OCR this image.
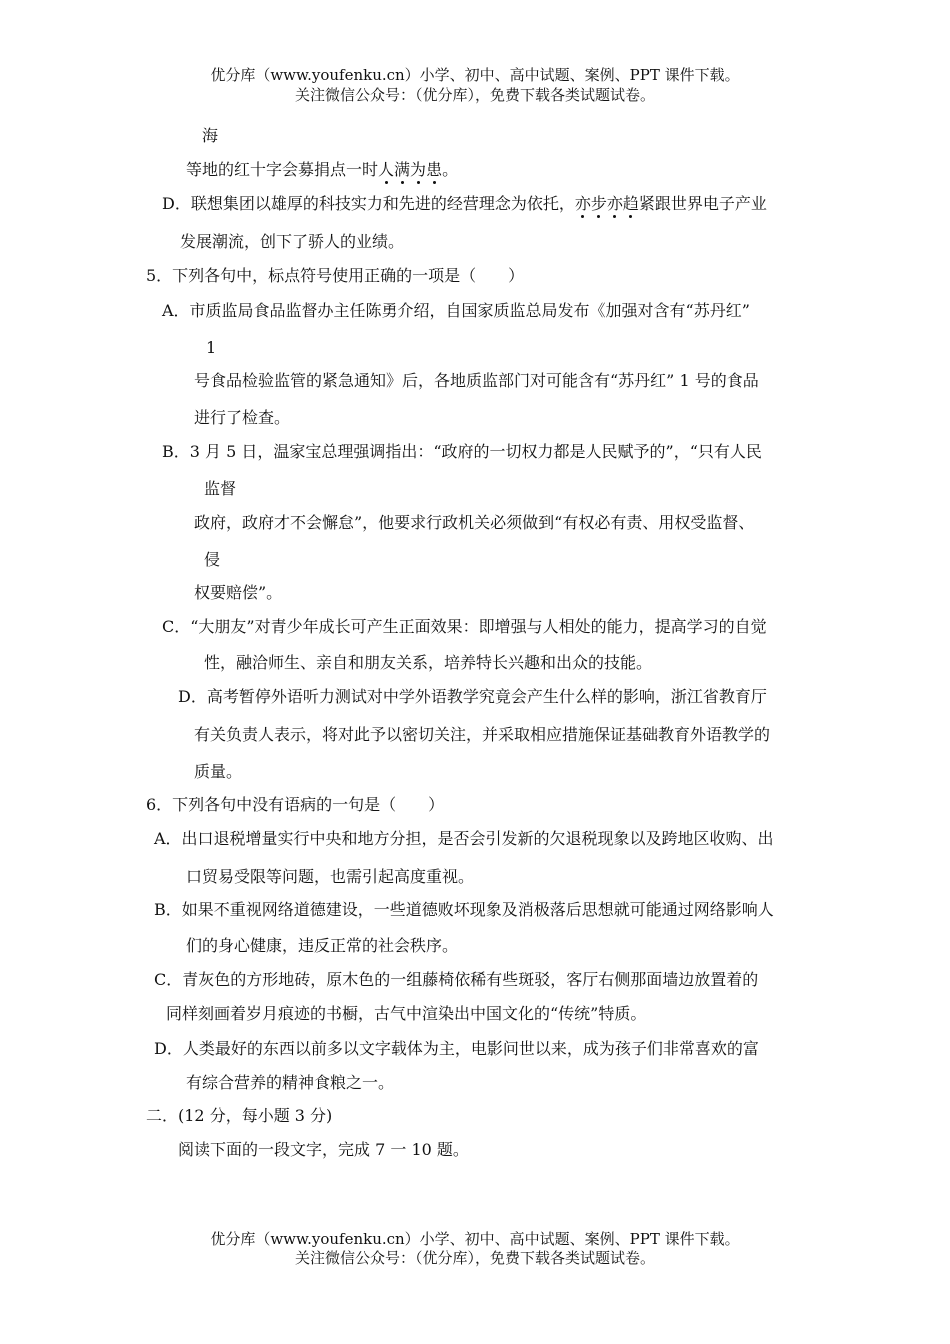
优分库（www.youfenku.cn）小学、初中、高中试题、案例、PPT 课件下载。
关注微信公众号：（优分库），免费下载各类试题试卷。
海
等地的红十字会募捐点一时人满为患。
D．联想集团以雄厚的科技实力和先进的经营理念为依托，亦步亦趋紧跟世界电子产业
发展潮流，创下了骄人的业绩。
5．下列各句中，标点符号使用正确的一项是（　　）
A．市质监局食品监督办主任陈勇介绍，自国家质监总局发布《加强对含有“苏丹红”
1
号食品检验监管的紧急通知》后，各地质监部门对可能含有“苏丹红” 1 号的食品
进行了检查。
B．3 月 5 日，温家宝总理强调指出：“政府的一切权力都是人民赋予的”，“只有人民
监督
政府，政府才不会懈怠”，他要求行政机关必须做到“有权必有责、用权受监督、
侵
权要赔偿”。
C．“大朋友”对青少年成长可产生正面效果：即增强与人相处的能力，提高学习的自觉
性，融洽师生、亲自和朋友关系，培养特长兴趣和出众的技能。
D．高考暂停外语听力测试对中学外语教学究竟会产生什么样的影响，浙江省教育厅
有关负责人表示，将对此予以密切关注，并采取相应措施保证基础教育外语教学的
质量。
6．下列各句中没有语病的一句是（　　）
A．出口退税增量实行中央和地方分担，是否会引发新的欠退税现象以及跨地区收购、出
口贸易受限等问题，也需引起高度重视。
B．如果不重视网络道德建设，一些道德败坏现象及消极落后思想就可能通过网络影响人
们的身心健康，违反正常的社会秩序。
C．青灰色的方形地砖，原木色的一组藤椅依稀有些斑驳，客厅右侧那面墙边放置着的
同样刻画着岁月痕迹的书橱，古气中渲染出中国文化的“传统”特质。
D．人类最好的东西以前多以文字载体为主，电影问世以来，成为孩子们非常喜欢的富
有综合营养的精神食粮之一。
二．(12 分，每小题 3 分)
阅读下面的一段文字，完成 7 一 10 题。
优分库（www.youfenku.cn）小学、初中、高中试题、案例、PPT 课件下载。
关注微信公众号：（优分库），免费下载各类试题试卷。
